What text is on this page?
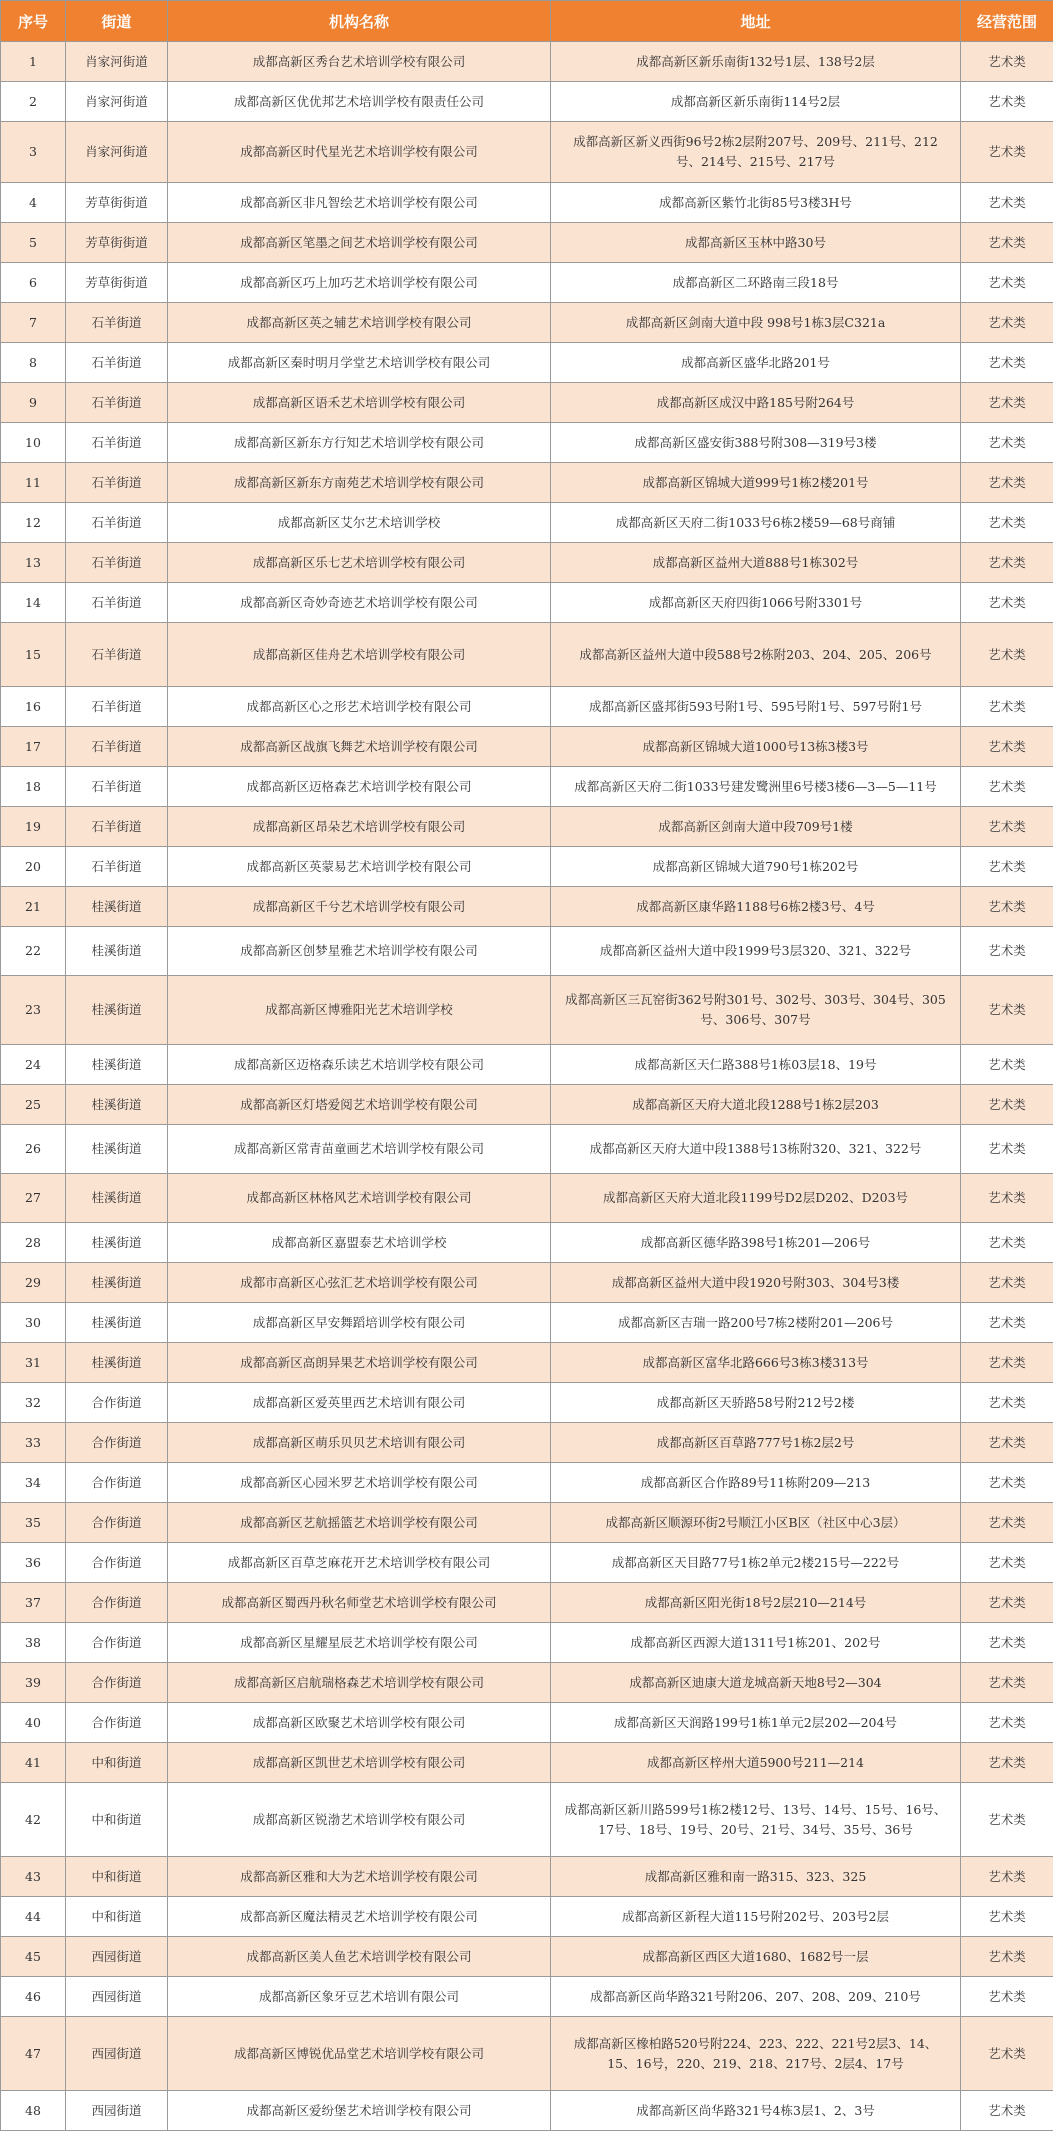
序号	街道	机构名称	地址	经营范围
1	肖家河街道	成都高新区秀台艺术培训学校有限公司	成都高新区新乐南街132号1层、138号2层	艺术类
2	肖家河街道	成都高新区优优邦艺术培训学校有限责任公司	成都高新区新乐南街114号2层	艺术类
3	肖家河街道	成都高新区时代星光艺术培训学校有限公司	成都高新区新义西街96号2栋2层附207号、209号、211号、212号、214号、215号、217号	艺术类
4	芳草街街道	成都高新区非凡智绘艺术培训学校有限公司	成都高新区紫竹北街85号3楼3H号	艺术类
5	芳草街街道	成都高新区笔墨之间艺术培训学校有限公司	成都高新区玉林中路30号	艺术类
6	芳草街街道	成都高新区巧上加巧艺术培训学校有限公司	成都高新区二环路南三段18号	艺术类
7	石羊街道	成都高新区英之辅艺术培训学校有限公司	成都高新区剑南大道中段 998号1栋3层C321a	艺术类
8	石羊街道	成都高新区秦时明月学堂艺术培训学校有限公司	成都高新区盛华北路201号	艺术类
9	石羊街道	成都高新区语禾艺术培训学校有限公司	成都高新区成汉中路185号附264号	艺术类
10	石羊街道	成都高新区新东方行知艺术培训学校有限公司	成都高新区盛安街388号附308—319号3楼	艺术类
11	石羊街道	成都高新区新东方南苑艺术培训学校有限公司	成都高新区锦城大道999号1栋2楼201号	艺术类
12	石羊街道	成都高新区艾尔艺术培训学校	成都高新区天府二街1033号6栋2楼59—68号商铺	艺术类
13	石羊街道	成都高新区乐七艺术培训学校有限公司	成都高新区益州大道888号1栋302号	艺术类
14	石羊街道	成都高新区奇妙奇迹艺术培训学校有限公司	成都高新区天府四街1066号附3301号	艺术类
15	石羊街道	成都高新区佳舟艺术培训学校有限公司	成都高新区益州大道中段588号2栋附203、204、205、206号	艺术类
16	石羊街道	成都高新区心之形艺术培训学校有限公司	成都高新区盛邦街593号附1号、595号附1号、597号附1号	艺术类
17	石羊街道	成都高新区战旗飞舞艺术培训学校有限公司	成都高新区锦城大道1000号13栋3楼3号	艺术类
18	石羊街道	成都高新区迈格森艺术培训学校有限公司	成都高新区天府二街1033号建发鹭洲里6号楼3楼6—3—5—11号	艺术类
19	石羊街道	成都高新区昂朵艺术培训学校有限公司	成都高新区剑南大道中段709号1楼	艺术类
20	石羊街道	成都高新区英蒙易艺术培训学校有限公司	成都高新区锦城大道790号1栋202号	艺术类
21	桂溪街道	成都高新区千兮艺术培训学校有限公司	成都高新区康华路1188号6栋2楼3号、4号	艺术类
22	桂溪街道	成都高新区创梦星雅艺术培训学校有限公司	成都高新区益州大道中段1999号3层320、321、322号	艺术类
23	桂溪街道	成都高新区博雅阳光艺术培训学校	成都高新区三瓦窑街362号附301号、302号、303号、304号、305号、306号、307号	艺术类
24	桂溪街道	成都高新区迈格森乐读艺术培训学校有限公司	成都高新区天仁路388号1栋03层18、19号	艺术类
25	桂溪街道	成都高新区灯塔爱阅艺术培训学校有限公司	成都高新区天府大道北段1288号1栋2层203	艺术类
26	桂溪街道	成都高新区常青苗童画艺术培训学校有限公司	成都高新区天府大道中段1388号13栋附320、321、322号	艺术类
27	桂溪街道	成都高新区林格风艺术培训学校有限公司	成都高新区天府大道北段1199号D2层D202、D203号	艺术类
28	桂溪街道	成都高新区嘉盟泰艺术培训学校	成都高新区德华路398号1栋201—206号	艺术类
29	桂溪街道	成都市高新区心弦汇艺术培训学校有限公司	成都高新区益州大道中段1920号附303、304号3楼	艺术类
30	桂溪街道	成都高新区早安舞蹈培训学校有限公司	成都高新区吉瑞一路200号7栋2楼附201—206号	艺术类
31	桂溪街道	成都高新区高朗异果艺术培训学校有限公司	成都高新区富华北路666号3栋3楼313号	艺术类
32	合作街道	成都高新区爱英里西艺术培训有限公司	成都高新区天骄路58号附212号2楼	艺术类
33	合作街道	成都高新区萌乐贝贝艺术培训有限公司	成都高新区百草路777号1栋2层2号	艺术类
34	合作街道	成都高新区心园米罗艺术培训学校有限公司	成都高新区合作路89号11栋附209—213	艺术类
35	合作街道	成都高新区艺航摇篮艺术培训学校有限公司	成都高新区顺源环街2号顺江小区B区（社区中心3层）	艺术类
36	合作街道	成都高新区百草芝麻花开艺术培训学校有限公司	成都高新区天目路77号1栋2单元2楼215号—222号	艺术类
37	合作街道	成都高新区蜀西丹秋名师堂艺术培训学校有限公司	成都高新区阳光街18号2层210—214号	艺术类
38	合作街道	成都高新区星耀星辰艺术培训学校有限公司	成都高新区西源大道1311号1栋201、202号	艺术类
39	合作街道	成都高新区启航瑞格森艺术培训学校有限公司	成都高新区迪康大道龙城高新天地8号2—304	艺术类
40	合作街道	成都高新区欧聚艺术培训学校有限公司	成都高新区天润路199号1栋1单元2层202—204号	艺术类
41	中和街道	成都高新区凯世艺术培训学校有限公司	成都高新区梓州大道5900号211—214	艺术类
42	中和街道	成都高新区锐渤艺术培训学校有限公司	成都高新区新川路599号1栋2楼12号、13号、14号、15号、16号、17号、18号、19号、20号、21号、34号、35号、36号	艺术类
43	中和街道	成都高新区雅和大为艺术培训学校有限公司	成都高新区雅和南一路315、323、325	艺术类
44	中和街道	成都高新区魔法精灵艺术培训学校有限公司	成都高新区新程大道115号附202号、203号2层	艺术类
45	西园街道	成都高新区美人鱼艺术培训学校有限公司	成都高新区西区大道1680、1682号一层	艺术类
46	西园街道	成都高新区象牙豆艺术培训有限公司	成都高新区尚华路321号附206、207、208、209、210号	艺术类
47	西园街道	成都高新区博锐优品堂艺术培训学校有限公司	成都高新区橡柏路520号附224、223、222、221号2层3、14、15、16号，220、219、218、217号、2层4、17号	艺术类
48	西园街道	成都高新区爱纷堡艺术培训学校有限公司	成都高新区尚华路321号4栋3层1、2、3号	艺术类
